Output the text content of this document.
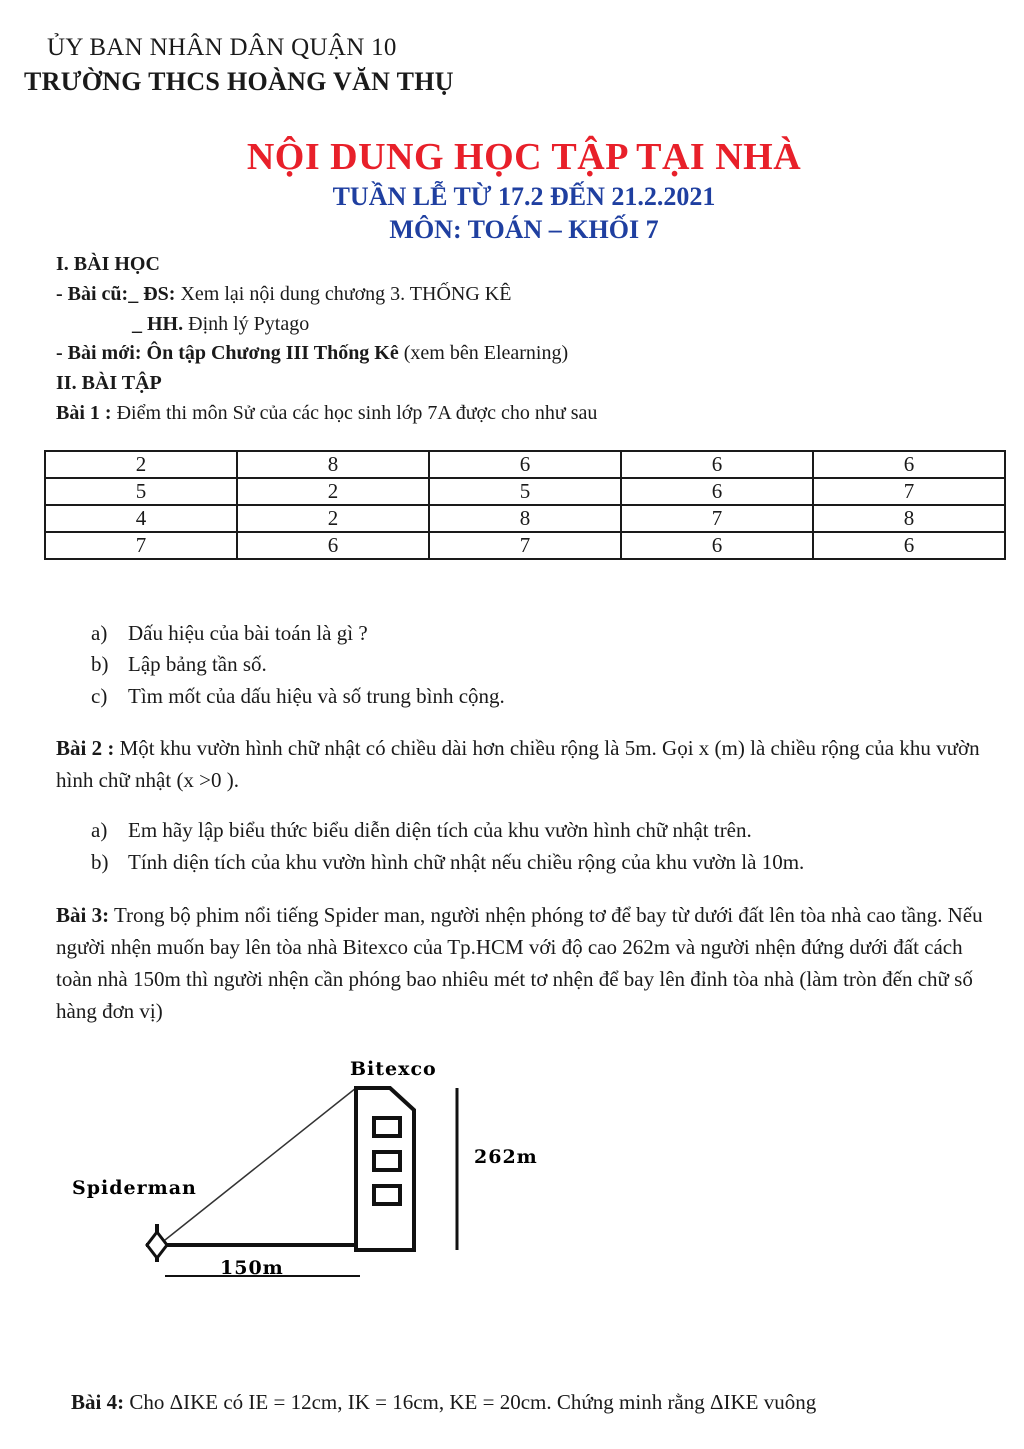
ỦY BAN NHÂN DÂN QUẬN 10
TRƯỜNG THCS HOÀNG VĂN THỤ
NỘI DUNG HỌC TẬP TẠI NHÀ
TUẦN LỄ TỪ 17.2 ĐẾN 21.2.2021
MÔN: TOÁN – KHỐI 7
I. BÀI HỌC
- Bài cũ:_ ĐS: Xem lại nội dung chương 3. THỐNG KÊ
_ HH. Định lý Pytago
- Bài mới: Ôn tập Chương III Thống Kê (xem bên Elearning)
II. BÀI TẬP
Bài 1 : Điểm thi môn Sử của các học sinh lớp 7A được cho như sau
2	8	6	6	6
5	2	5	6	7
4	2	8	7	8
7	6	7	6	6
a) Dấu hiệu của bài toán là gì ?
b) Lập bảng tần số.
c) Tìm mốt của dấu hiệu và số trung bình cộng.
Bài 2 : Một khu vườn hình chữ nhật có chiều dài hơn chiều rộng là 5m. Gọi x (m) là chiều rộng của khu vườn hình chữ nhật (x >0 ).
a) Em hãy lập biểu thức biểu diễn diện tích của khu vườn hình chữ nhật trên.
b) Tính diện tích của khu vườn hình chữ nhật nếu chiều rộng của khu vườn là 10m.
Bài 3: Trong bộ phim nổi tiếng Spider man, người nhện phóng tơ để bay từ dưới đất lên tòa nhà cao tầng. Nếu người nhện muốn bay lên tòa nhà Bitexco của Tp.HCM với độ cao 262m và người nhện đứng dưới đất cách toàn nhà 150m thì người nhện cần phóng bao nhiêu mét tơ nhện để bay lên đỉnh tòa nhà (làm tròn đến chữ số hàng đơn vị)
Bitexco
262m
Spiderman
150m
Bài 4: Cho ΔIKE có IE = 12cm, IK = 16cm, KE = 20cm. Chứng minh rằng ΔIKE vuông
